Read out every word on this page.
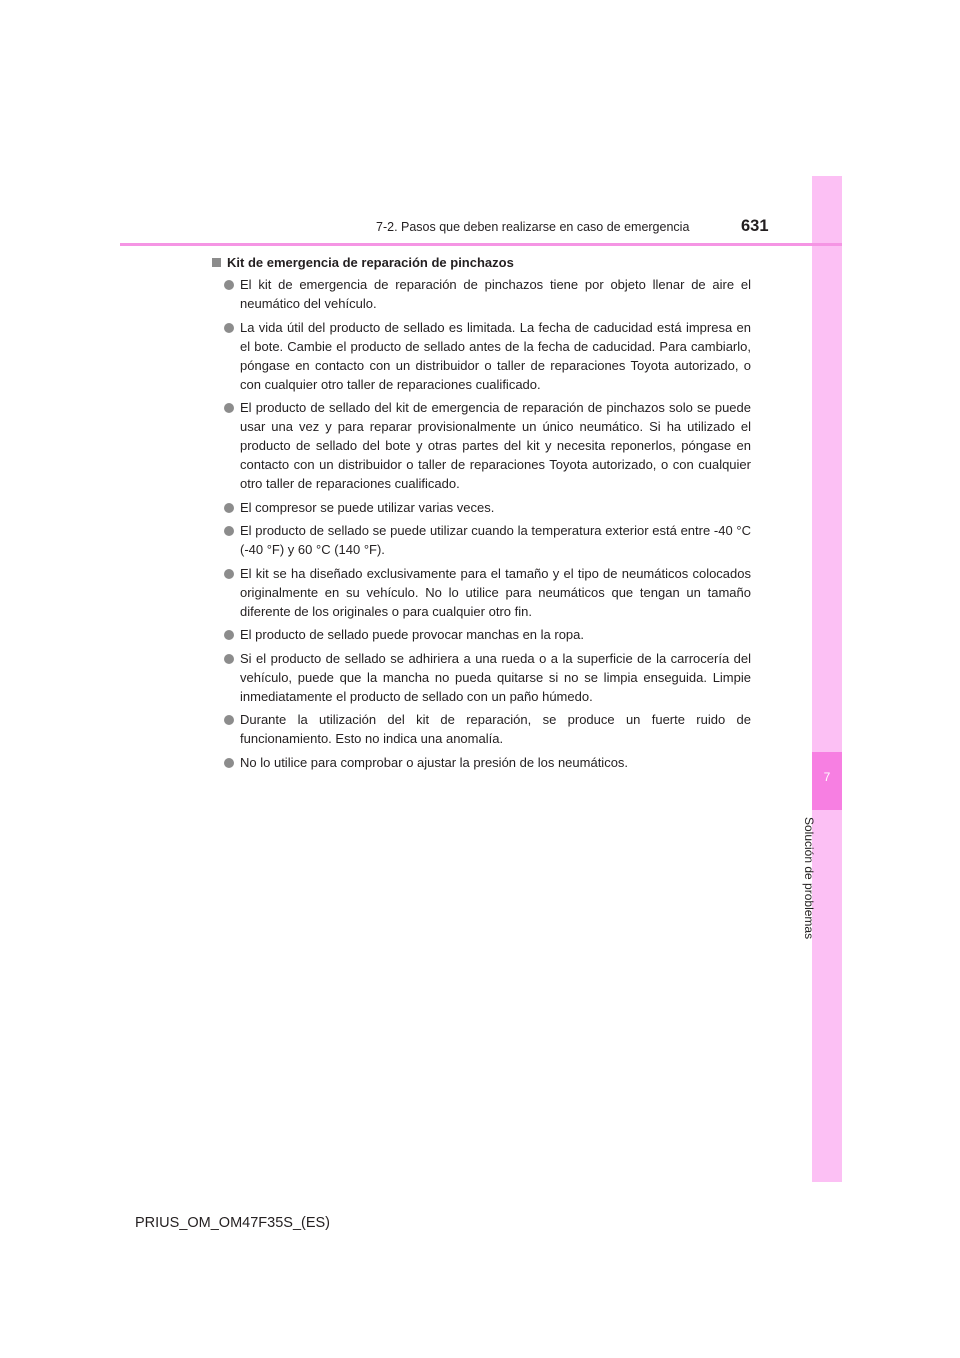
7
Solución de problemas
7-2. Pasos que deben realizarse en caso de emergencia	631
Kit de emergencia de reparación de pinchazos
El kit de emergencia de reparación de pinchazos tiene por objeto llenar de aire el neumático del vehículo.
La vida útil del producto de sellado es limitada. La fecha de caducidad está impresa en el bote. Cambie el producto de sellado antes de la fecha de caducidad. Para cambiarlo, póngase en contacto con un distribuidor o taller de reparaciones Toyota autorizado, o con cualquier otro taller de reparaciones cualificado.
El producto de sellado del kit de emergencia de reparación de pinchazos solo se puede usar una vez y para reparar provisionalmente un único neumático. Si ha utilizado el producto de sellado del bote y otras partes del kit y necesita reponerlos, póngase en contacto con un distribuidor o taller de reparaciones Toyota autorizado, o con cualquier otro taller de reparaciones cualificado.
El compresor se puede utilizar varias veces.
El producto de sellado se puede utilizar cuando la temperatura exterior está entre -40 °C (-40 °F) y 60 °C (140 °F).
El kit se ha diseñado exclusivamente para el tamaño y el tipo de neumáticos colocados originalmente en su vehículo. No lo utilice para neumáticos que tengan un tamaño diferente de los originales o para cualquier otro fin.
El producto de sellado puede provocar manchas en la ropa.
Si el producto de sellado se adhiriera a una rueda o a la superficie de la carrocería del vehículo, puede que la mancha no pueda quitarse si no se limpia enseguida. Limpie inmediatamente el producto de sellado con un paño húmedo.
Durante la utilización del kit de reparación, se produce un fuerte ruido de funcionamiento. Esto no indica una anomalía.
No lo utilice para comprobar o ajustar la presión de los neumáticos.
PRIUS_OM_OM47F35S_(ES)
